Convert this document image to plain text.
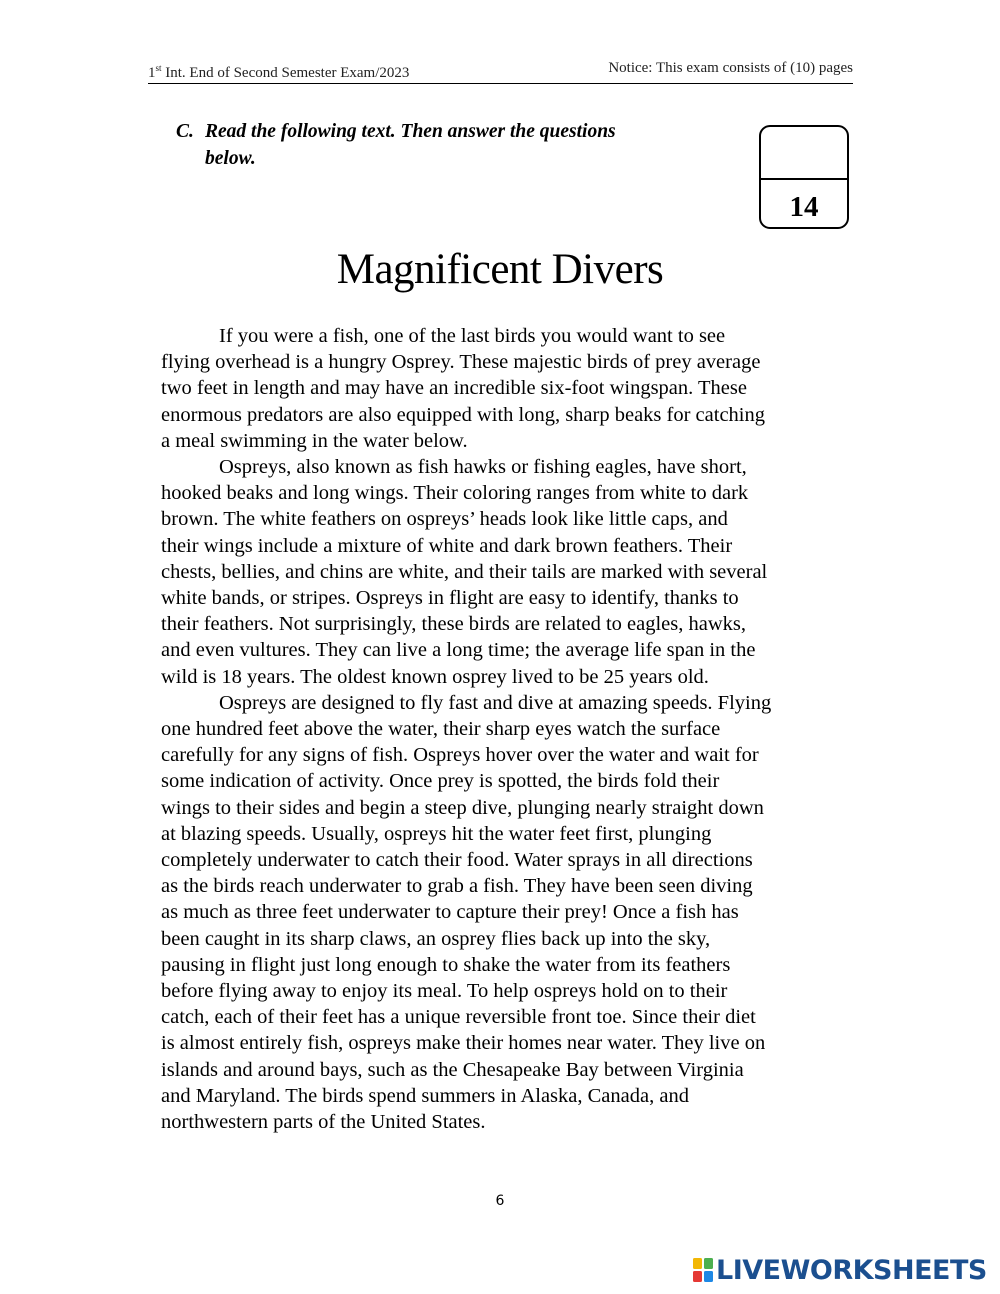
1st Int. End of Second Semester Exam/2023	Notice: This exam consists of (10) pages
C. Read the following text. Then answer the questions
below.
14
Magnificent Divers
If you were a fish, one of the last birds you would want to see
flying overhead is a hungry Osprey. These majestic birds of prey average
two feet in length and may have an incredible six-foot wingspan. These
enormous predators are also equipped with long, sharp beaks for catching
a meal swimming in the water below.
Ospreys, also known as fish hawks or fishing eagles, have short,
hooked beaks and long wings. Their coloring ranges from white to dark
brown. The white feathers on ospreys’ heads look like little caps, and
their wings include a mixture of white and dark brown feathers. Their
chests, bellies, and chins are white, and their tails are marked with several
white bands, or stripes. Ospreys in flight are easy to identify, thanks to
their feathers. Not surprisingly, these birds are related to eagles, hawks,
and even vultures. They can live a long time; the average life span in the
wild is 18 years. The oldest known osprey lived to be 25 years old.
Ospreys are designed to fly fast and dive at amazing speeds. Flying
one hundred feet above the water, their sharp eyes watch the surface
carefully for any signs of fish. Ospreys hover over the water and wait for
some indication of activity. Once prey is spotted, the birds fold their
wings to their sides and begin a steep dive, plunging nearly straight down
at blazing speeds. Usually, ospreys hit the water feet first, plunging
completely underwater to catch their food. Water sprays in all directions
as the birds reach underwater to grab a fish. They have been seen diving
as much as three feet underwater to capture their prey! Once a fish has
been caught in its sharp claws, an osprey flies back up into the sky,
pausing in flight just long enough to shake the water from its feathers
before flying away to enjoy its meal. To help ospreys hold on to their
catch, each of their feet has a unique reversible front toe. Since their diet
is almost entirely fish, ospreys make their homes near water. They live on
islands and around bays, such as the Chesapeake Bay between Virginia
and Maryland. The birds spend summers in Alaska, Canada, and
northwestern parts of the United States.
6
LIVEWORKSHEETS
